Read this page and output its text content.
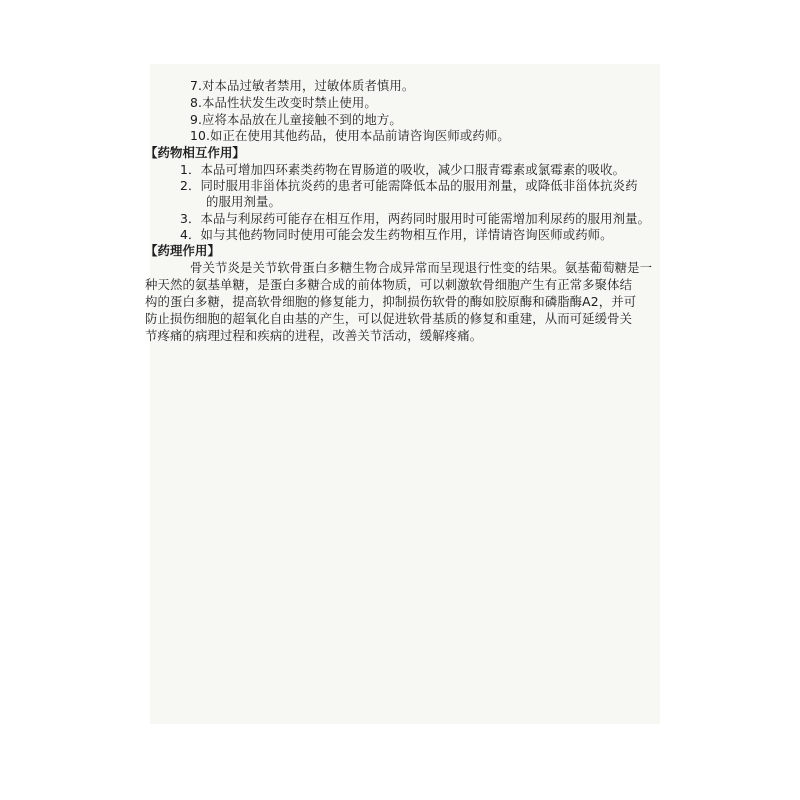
7.对本品过敏者禁用，过敏体质者慎用。
8.本品性状发生改变时禁止使用。
9.应将本品放在儿童接触不到的地方。
10.如正在使用其他药品，使用本品前请咨询医师或药师。
【药物相互作用】
1．本品可增加四环素类药物在胃肠道的吸收，减少口服青霉素或氯霉素的吸收。
2．同时服用非甾体抗炎药的患者可能需降低本品的服用剂量，或降低非甾体抗炎药
的服用剂量。
3．本品与利尿药可能存在相互作用，两药同时服用时可能需增加利尿药的服用剂量。
4．如与其他药物同时使用可能会发生药物相互作用，详情请咨询医师或药师。
【药理作用】
骨关节炎是关节软骨蛋白多糖生物合成异常而呈现退行性变的结果。氨基葡萄糖是一
种天然的氨基单糖，是蛋白多糖合成的前体物质，可以刺激软骨细胞产生有正常多聚体结
构的蛋白多糖，提高软骨细胞的修复能力，抑制损伤软骨的酶如胶原酶和磷脂酶A2，并可
防止损伤细胞的超氧化自由基的产生，可以促进软骨基质的修复和重建，从而可延缓骨关
节疼痛的病理过程和疾病的进程，改善关节活动，缓解疼痛。
